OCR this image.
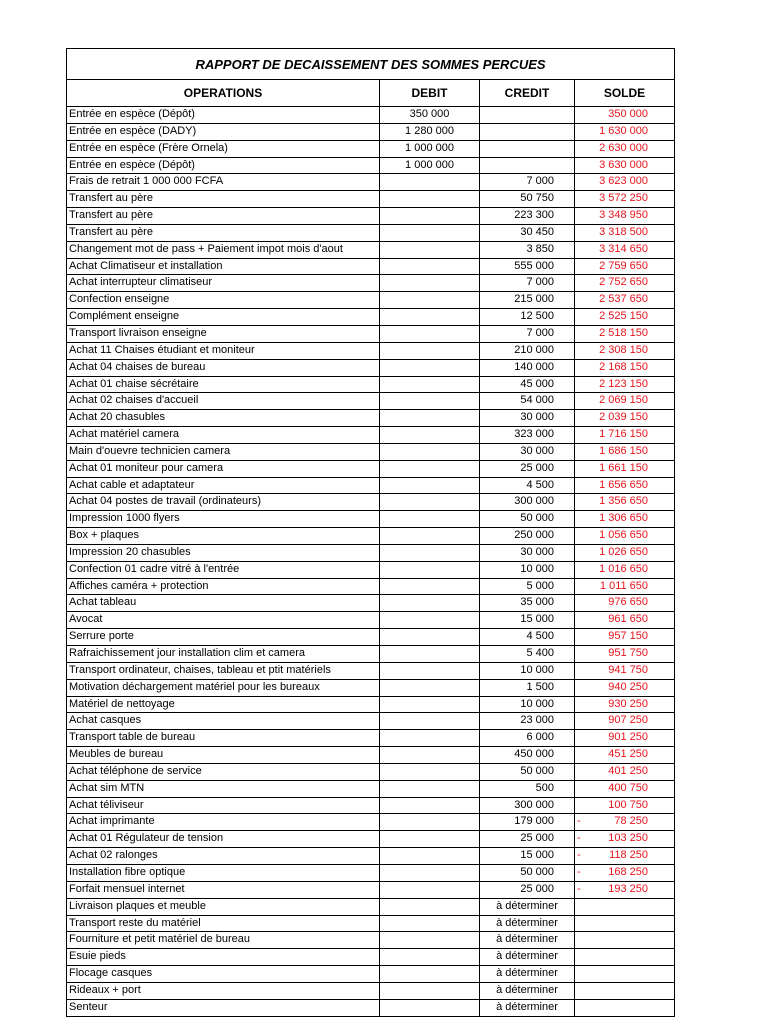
RAPPORT DE DECAISSEMENT DES SOMMES PERCUES			
OPERATIONS	DEBIT	CREDIT	SOLDE
Entrée en espèce (Dépôt)	350 000		350 000
Entrée en espèce (DADY)	1 280 000		1 630 000
Entrée en espèce (Frère Ornela)	1 000 000		2 630 000
Entrée en espèce (Dépôt)	1 000 000		3 630 000
Frais de retrait 1 000 000 FCFA		7 000	3 623 000
Transfert au père		50 750	3 572 250
Transfert au père		223 300	3 348 950
Transfert au père		30 450	3 318 500
Changement mot de pass + Paiement impot mois d'aout		3 850	3 314 650
Achat Climatiseur et installation		555 000	2 759 650
Achat interrupteur climatiseur		7 000	2 752 650
Confection enseigne		215 000	2 537 650
Complément enseigne		12 500	2 525 150
Transport livraison enseigne		7 000	2 518 150
Achat 11 Chaises étudiant et moniteur		210 000	2 308 150
Achat 04 chaises de bureau		140 000	2 168 150
Achat 01 chaise sécrétaire		45 000	2 123 150
Achat 02 chaises d'accueil		54 000	2 069 150
Achat 20 chasubles		30 000	2 039 150
Achat matériel camera		323 000	1 716 150
Main d'ouevre technicien camera		30 000	1 686 150
Achat 01 moniteur pour camera		25 000	1 661 150
Achat cable et adaptateur		4 500	1 656 650
Achat 04 postes de travail (ordinateurs)		300 000	1 356 650
Impression 1000 flyers		50 000	1 306 650
Box + plaques		250 000	1 056 650
Impression 20 chasubles		30 000	1 026 650
Confection 01 cadre vitré à l'entrée		10 000	1 016 650
Affiches caméra + protection		5 000	1 011 650
Achat tableau		35 000	976 650
Avocat		15 000	961 650
Serrure porte		4 500	957 150
Rafraichissement jour installation clim et camera		5 400	951 750
Transport ordinateur, chaises, tableau et ptit matériels		10 000	941 750
Motivation déchargement matériel pour les bureaux		1 500	940 250
Matériel de nettoyage		10 000	930 250
Achat casques		23 000	907 250
Transport table de bureau		6 000	901 250
Meubles de bureau		450 000	451 250
Achat téléphone de service		50 000	401 250
Achat sim MTN		500	400 750
Achat téliviseur		300 000	100 750
Achat imprimante		179 000	- 78 250
Achat 01 Régulateur de tension		25 000	- 103 250
Achat 02 ralonges		15 000	- 118 250
Installation fibre optique		50 000	- 168 250
Forfait mensuel internet		25 000	- 193 250
Livraison plaques et meuble		à déterminer	

Transport reste du matériel		à déterminer	

Fourniture et petit matériel de bureau		à déterminer	

Esuie pieds		à déterminer	

Flocage casques		à déterminer	

Rideaux + port		à déterminer	

Senteur		à déterminer	
